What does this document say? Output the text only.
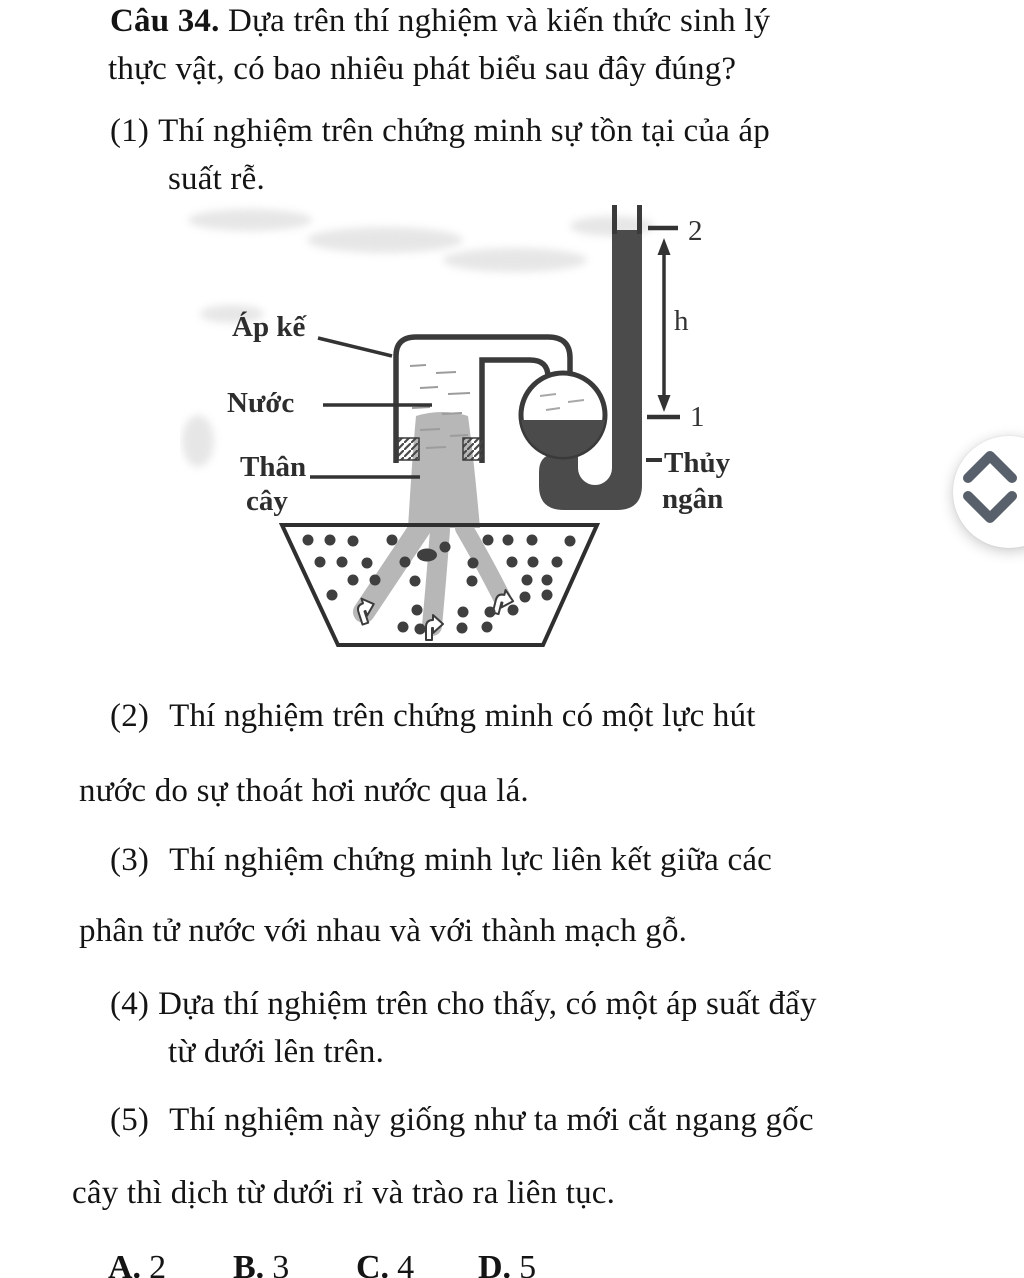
Câu 34. Dựa trên thí nghiệm và kiến thức sinh lý
thực vật, có bao nhiêu phát biểu sau đây đúng?
(1) Thí nghiệm trên chứng minh sự tồn tại của áp
suất rễ.
2
h
1
Áp kế
Nước
Thân
cây
Thủy
ngân
(2) Thí nghiệm trên chứng minh có một lực hút
nước do sự thoát hơi nước qua lá.
(3) Thí nghiệm chứng minh lực liên kết giữa các
phân tử nước với nhau và với thành mạch gỗ.
(4) Dựa thí nghiệm trên cho thấy, có một áp suất đẩy
từ dưới lên trên.
(5) Thí nghiệm này giống như ta mới cắt ngang gốc
cây thì dịch từ dưới rỉ và trào ra liên tục.
A. 2 B. 3 C. 4 D. 5
